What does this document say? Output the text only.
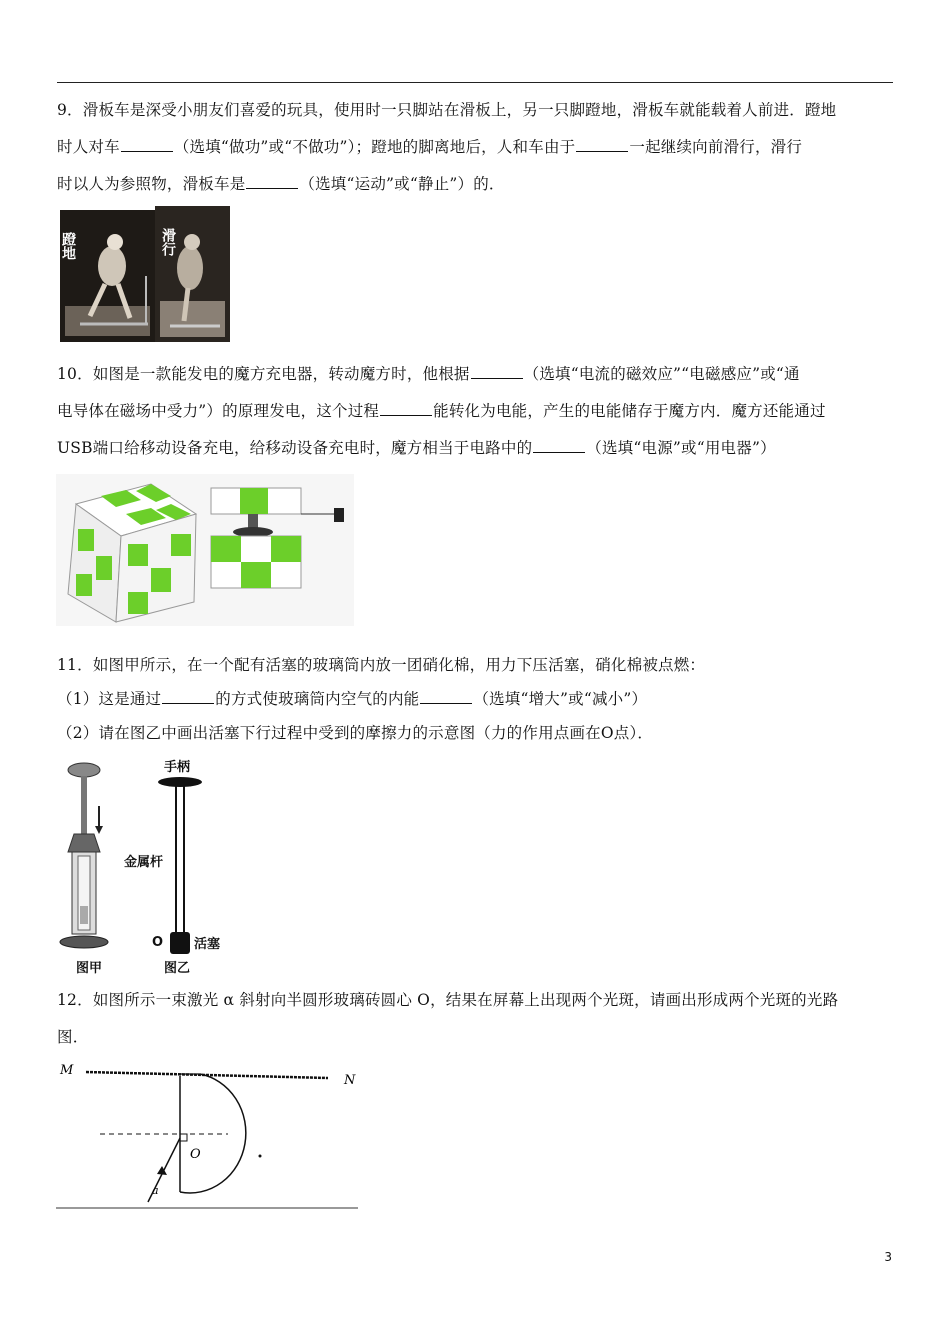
9．滑板车是深受小朋友们喜爱的玩具，使用时一只脚站在滑板上，另一只脚蹬地，滑板车就能载着人前进．蹬地

时人对车	（选填“做功”或“不做功”）；蹬地的脚离地后，人和车由于	一起继续向前滑行，滑行

时以人为参照物，滑板车是	（选填“运动”或“静止”）的．

蹬地	滑行

10．如图是一款能发电的魔方充电器，转动魔方时，他根据	（选填“电流的磁效应”“电磁感应”或“通

电导体在磁场中受力”）的原理发电，这个过程	能转化为电能，产生的电能储存于魔方内．魔方还能通过

USB端口给移动设备充电，给移动设备充电时，魔方相当于电路中的	（选填“电源”或“用电器”）

11．如图甲所示，在一个配有活塞的玻璃筒内放一团硝化棉，用力下压活塞，硝化棉被点燃：

（1）这是通过	的方式使玻璃筒内空气的内能	（选填“增大”或“减小”）

（2）请在图乙中画出活塞下行过程中受到的摩擦力的示意图（力的作用点画在O点）．

图甲
手柄
金属杆
O 活塞
图乙

12．如图所示一束激光 α 斜射向半圆形玻璃砖圆心 O，结果在屏幕上出现两个光斑，请画出形成两个光斑的光路

图．

M
N
O
a
3
